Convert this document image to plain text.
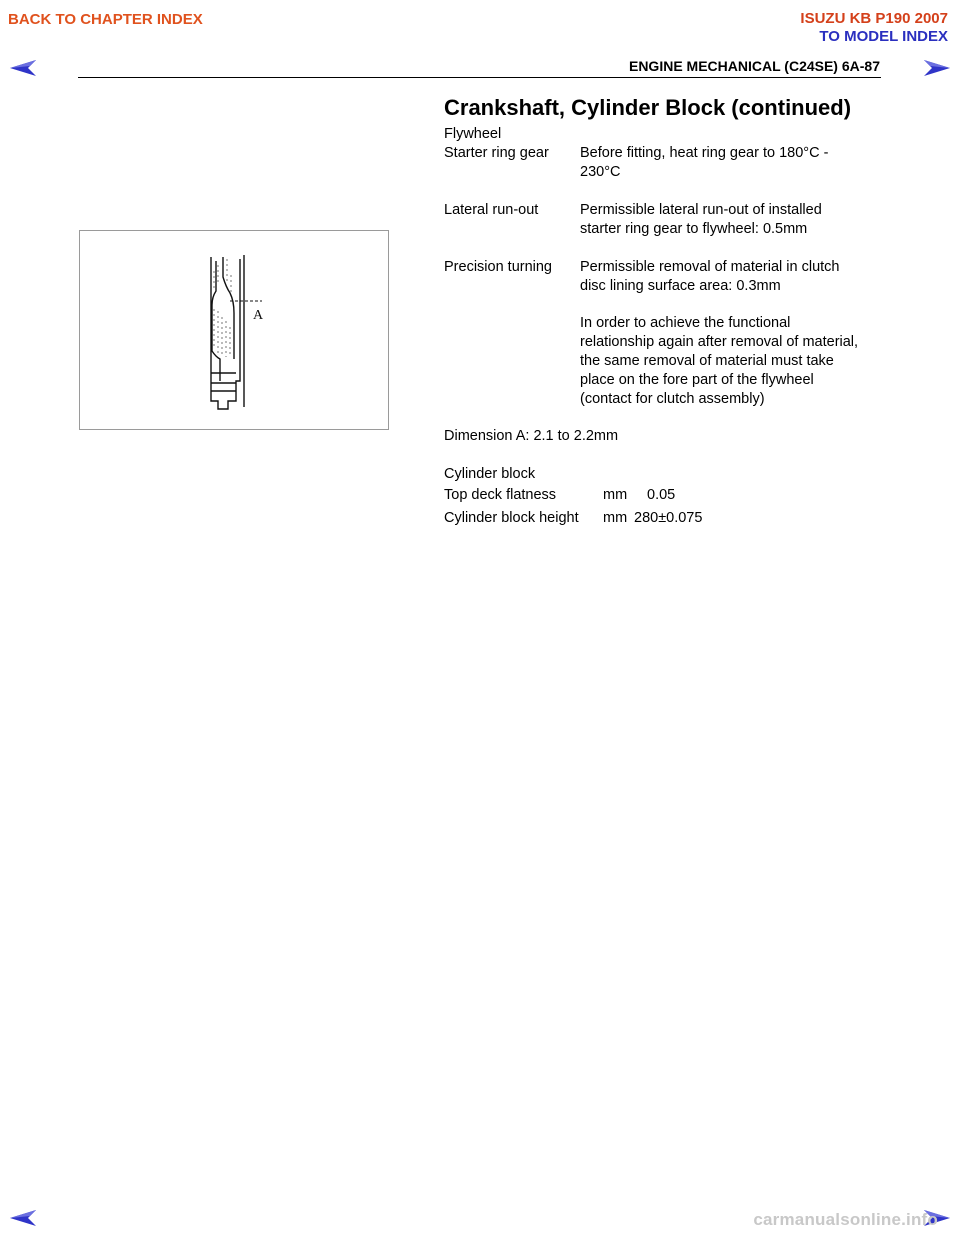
BACK TO CHAPTER INDEX	ISUZU KB P190 2007
TO MODEL INDEX
ENGINE MECHANICAL (C24SE) 6A-87
Crankshaft, Cylinder Block (continued)
Flywheel
Starter ring gear Before fitting, heat ring gear to 180°C -
230°C
Lateral run-out	Permissible lateral run-out of installed
starter ring gear to flywheel: 0.5mm
Precision turning Permissible removal of material in clutch
disc lining surface area: 0.3mm
In order to achieve the functional
relationship again after removal of material,
the same removal of material must take
place on the fore part of the flywheel
(contact for clutch assembly)
Dimension A: 2.1 to 2.2mm
Cylinder block
Top deck flatness	mm 0.05
Cylinder block height mm 280±0.075
A
carmanualsonline.info
